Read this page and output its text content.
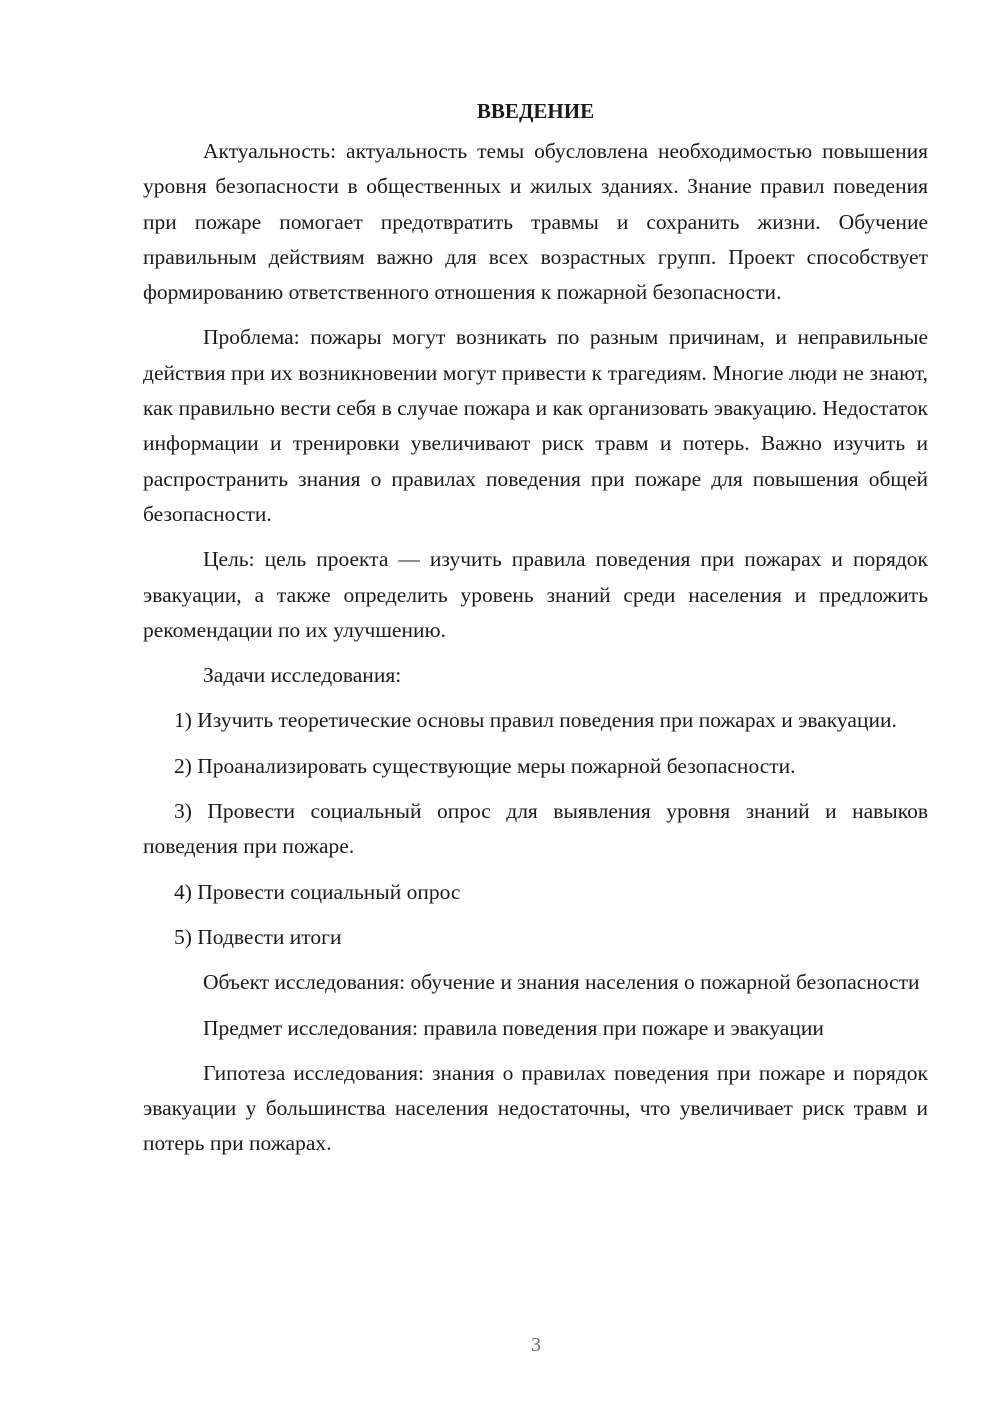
ВВЕДЕНИЕ

Актуальность: актуальность темы обусловлена необходимостью повышения уровня безопасности в общественных и жилых зданиях. Знание правил поведения при пожаре помогает предотвратить травмы и сохранить жизни. Обучение правильным действиям важно для всех возрастных групп. Проект способствует формированию ответственного отношения к пожарной безопасности.

Проблема: пожары могут возникать по разным причинам, и неправильные действия при их возникновении могут привести к трагедиям. Многие люди не знают, как правильно вести себя в случае пожара и как организовать эвакуацию. Недостаток информации и тренировки увеличивают риск травм и потерь. Важно изучить и распространить знания о правилах поведения при пожаре для повышения общей безопасности.

Цель: цель проекта — изучить правила поведения при пожарах и порядок эвакуации, а также определить уровень знаний среди населения и предложить рекомендации по их улучшению.

Задачи исследования:

1) Изучить теоретические основы правил поведения при пожарах и эвакуации.

2) Проанализировать существующие меры пожарной безопасности.

3) Провести социальный опрос для выявления уровня знаний и навыков поведения при пожаре.

4) Провести социальный опрос

5) Подвести итоги

Объект исследования: обучение и знания населения о пожарной безопасности

Предмет исследования: правила поведения при пожаре и эвакуации

Гипотеза исследования: знания о правилах поведения при пожаре и порядок эвакуации у большинства населения недостаточны, что увеличивает риск травм и потерь при пожарах.

3
